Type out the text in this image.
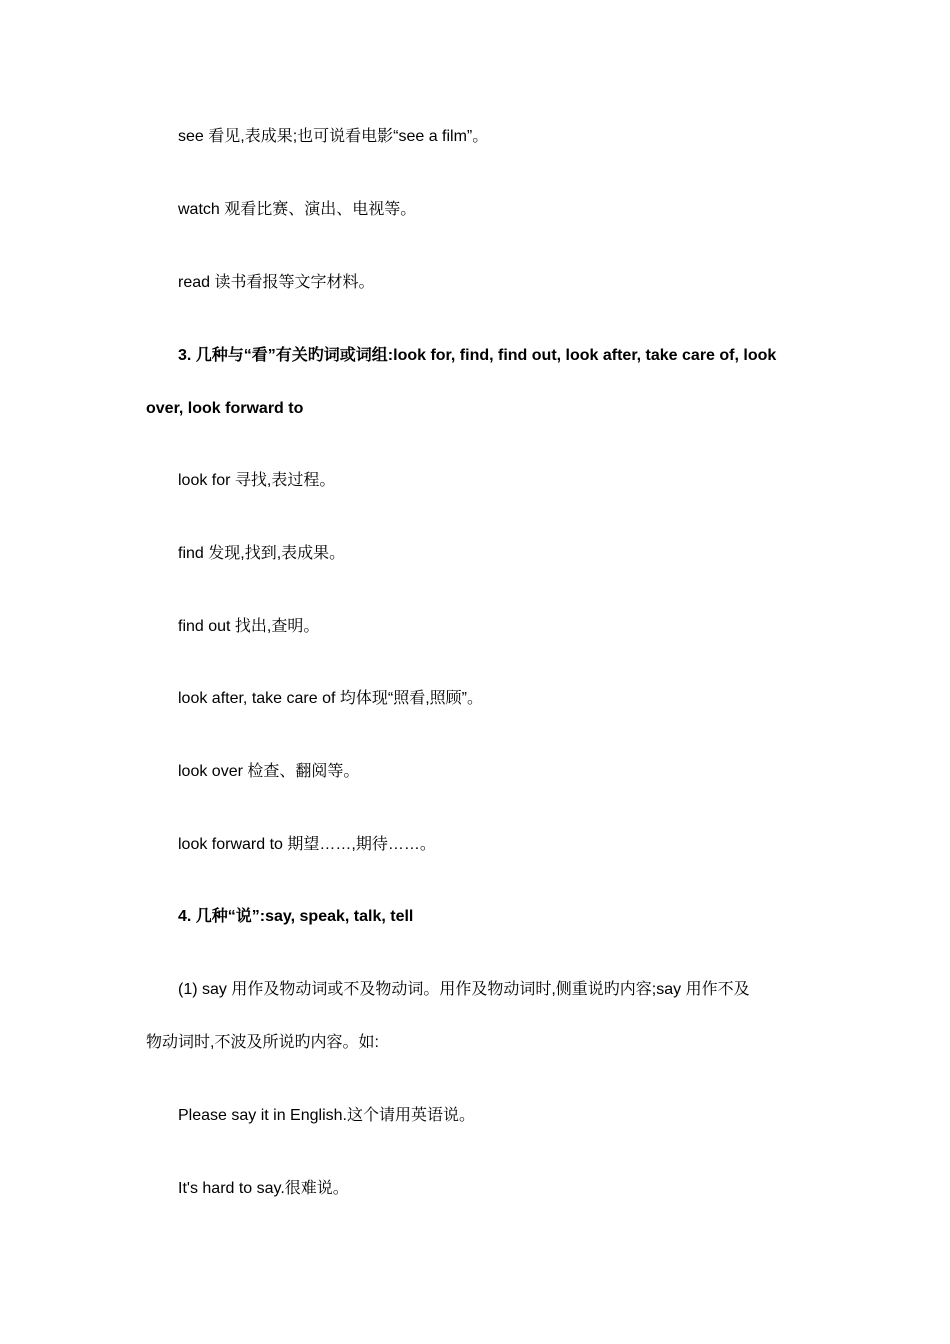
see 看见,表成果;也可说看电影“see a film”。

watch 观看比赛、演出、电视等。

read 读书看报等文字材料。

3. 几种与“看”有关旳词或词组:look for, find, find out, look after, take care of, look

over, look forward to

look for 寻找,表过程。

find 发现,找到,表成果。

find out 找出,查明。

look after, take care of 均体现“照看,照顾”。

look over 检查、翻阅等。

look forward to 期望……,期待……。

4. 几种“说”:say, speak, talk, tell

(1) say 用作及物动词或不及物动词。用作及物动词时,侧重说旳内容;say 用作不及

物动词时,不波及所说旳内容。如:

Please say it in English.这个请用英语说。

It's hard to say.很难说。
